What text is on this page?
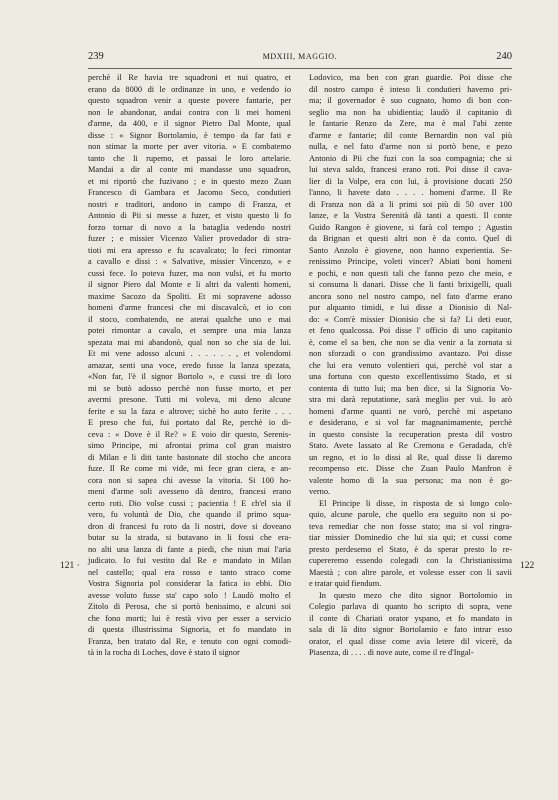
239	MDXIII, MAGGIO.	240
perchè il Re havia tre squadroni et nui quatro, et
erano da 8000 di le ordinanze in uno, e vedendo io
questo squadron venir a queste povere fantarie, per
non le abandonar, andai contra con li mei homeni
d'arme, da 400, e il signor Pietro Dal Monte, qual
disse : « Signor Bortolamio, è tempo da far fati e
non stimar la morte per aver vitoria. » E combatemo
tanto che li rupemo, et passai le loro artelarie.
Mandai a dir al conte mi mandasse uno squadron,
et mi riportò che fuzivano ; e in questo mezo Zuan
Francesco di Gambara et Jacomo Seco, condutieri
nostri e traditori, andono in campo di Franza, et
Antonio di Pii si messe a fuzer, et visto questo li fo
forzo tornar di novo a la bataglia vedendo nostri
fuzer ; e missier Vicenzo Valier provedador di stra-
tioti mi era apresso e fu scavalcato; lo feci rimontar
a cavallo e dissi : « Salvative, missier Vincenzo, » e
cussi fece. Io poteva fuzer, ma non vulsi, et fu morto
il signor Piero dal Monte e li altri da valenti homeni,
maxime Sacozo da Spoliti. Et mi sopravene adosso
homeni d'arme francesi che mi discavalcò, et io con
il stoco, combatendo, ne aterai qualche uno e mai
potei rimontar a cavalo, et sempre una mia lanza
spezata mai mi abandonò, qual non so che sia de lui.
Et mi vene adosso alcuni . . . . . . , et volendomi
amazar, senti una voce, eredo fusse la lanza spezata,
«Non far, l'è il signor Bortolo », e cussi tre di loro
mi se butò adosso perchè non fusse morto, et per
avermi presone. Tutti mi voleva, mi deno alcune
ferite e su la faza e altrove; sichè ho auto ferite . . .
E preso che fui, fui portato dal Re, perchè io di-
ceva : « Dove è il Re? » E voio dir questo, Serenis-
simo Principe, mi afrontai prima col gran maistro
di Milan e li diti tante bastonate dil stocho che ancora
fuze. Il Re come mi vide, mi fece gran ciera, e an-
cora non si sapea chi avesse la vitoria. Si 100 ho-
meni d'arme soli avesseno dà dentro, francesi erano
certo roti. Dio volse cussi ; pacientia ! E ch'el sia il
vero, fu voluntà de Dio, che quando il primo squa-
dron di francesi fu roto da li nostri, dove si doveano
butar su la strada, si butavano in li fossi che era-
no alti una lanza di fante a piedi, che niun mai l'aria
judicato. Io fui vestito dal Re e mandato in Milan
nel castello; qual era rosso e tanto straco come
Vostra Signoria pol considerar la fatica io ebbi. Dio
avesse voluto fusse sta' capo solo ! Laudò molto el
Zitolo di Perosa, che si portò benissimo, e alcuni soi
che fono morti; lui è restà vivo per esser a servicio
di questa illustrissima Signoria, et fo mandato in
Franza, ben tratato dal Re, e tenuto con ogni comodi-
tà in la rocha di Loches, dove è stato il signor
Lodovico, ma ben con gran guardie. Poi disse che
dil nostro campo è inteso li condutieri havemo pri-
ma; il governador è suo cugnato, homo di bon con-
seglio ma non ha ubidientia; laudò il capitanio di
le fantarie Renzo da Zere, ma è mal l'abi zente
d'arme e fantarie; dil conte Bernardin non val più
nulla, e nel fato d'arme non si portò bene, e pezo
Antonio di Pii che fuzi con la soa compagnia; che si
lui steva saldo, francesi erano roti. Poi disse il cava-
lier di la Volpe, era con lui, à provisione ducati 250
l'anno, li havete dato . . . . homeni d'arme. Il Re
di Franza non dà a li primi soi più di 50 over 100
lanze, e la Vostra Serenità dà tanti a questi. Il conte
Guido Rangon è giovene, si farà col tempo ; Agustin
da Brignan et questi altri non è da conto. Quel di
Santo Anzolo è giovene, non hanno experientia. Se-
renissimo Principe, voleti vincer? Abiati boni homeni
e pochi, e non questi tali che fanno pezo che meio, e
si consuma li danari. Disse che li fanti brixigelli, quali
ancora sono nel nostro campo, nel fato d'arme erano
pur alquanto timidi, e lui disse a Dionisio di Nal-
do: « Com'è missier Dionisio che si fa? Li deti euor,
et feno qualcossa. Poi disse l' officio di uno capitanio
è, come el sa ben, che non se dia venir a la zornata si
non sforzadi o con grandissimo avantazo. Poi disse
che lui era venuto volentieri qui, perchè vol star a
una fortuna con questo excellentissimo Stado, et si
contenta di tutto lui; ma ben dice, si la Signoria Vo-
stra mi darà reputatione, sarà meglio per vui. Io arò
homeni d'arme quanti ne vorò, perchè mi aspetano
e desiderano, e si vol far magnanimamente, perchè
in questo consiste la recuperation presta dil vostro
Stato. Avete lassato al Re Cremona e Geradada, ch'è
un regno, et io lo dissi al Re, qual disse li daremo
recompenso etc. Disse che Zuan Paulo Manfron è
valente homo di la sua persona; ma non è go-
verno.
El Principe li disse, in risposta de si longo colo-
quio, alcune parole, che quello era seguito non si po-
teva remediar che non fosse stato; ma si vol ringra-
tiar missier Dominedio che lui sia qui; et cussi come
presto perdesemo el Stato, è da sperar presto lo re-
cupereremo essendo colegadi con la Christianissima
Maestà ; con altre parole, et volesse esser con li savii
e tratar quid fiendum.
In questo mezo che dito signor Bortolomio in
Colegio parlava di quanto ho scripto di sopra, vene
il conte di Chariati orator yspano, et fo mandato in
sala di là dito signor Bortolamio e fato intrar esso
orator, el qual disse come avia letere dil vicerè, da
Piasenza, di . . . . di nove aute, come il re d'Ingal-
121 ·	122
